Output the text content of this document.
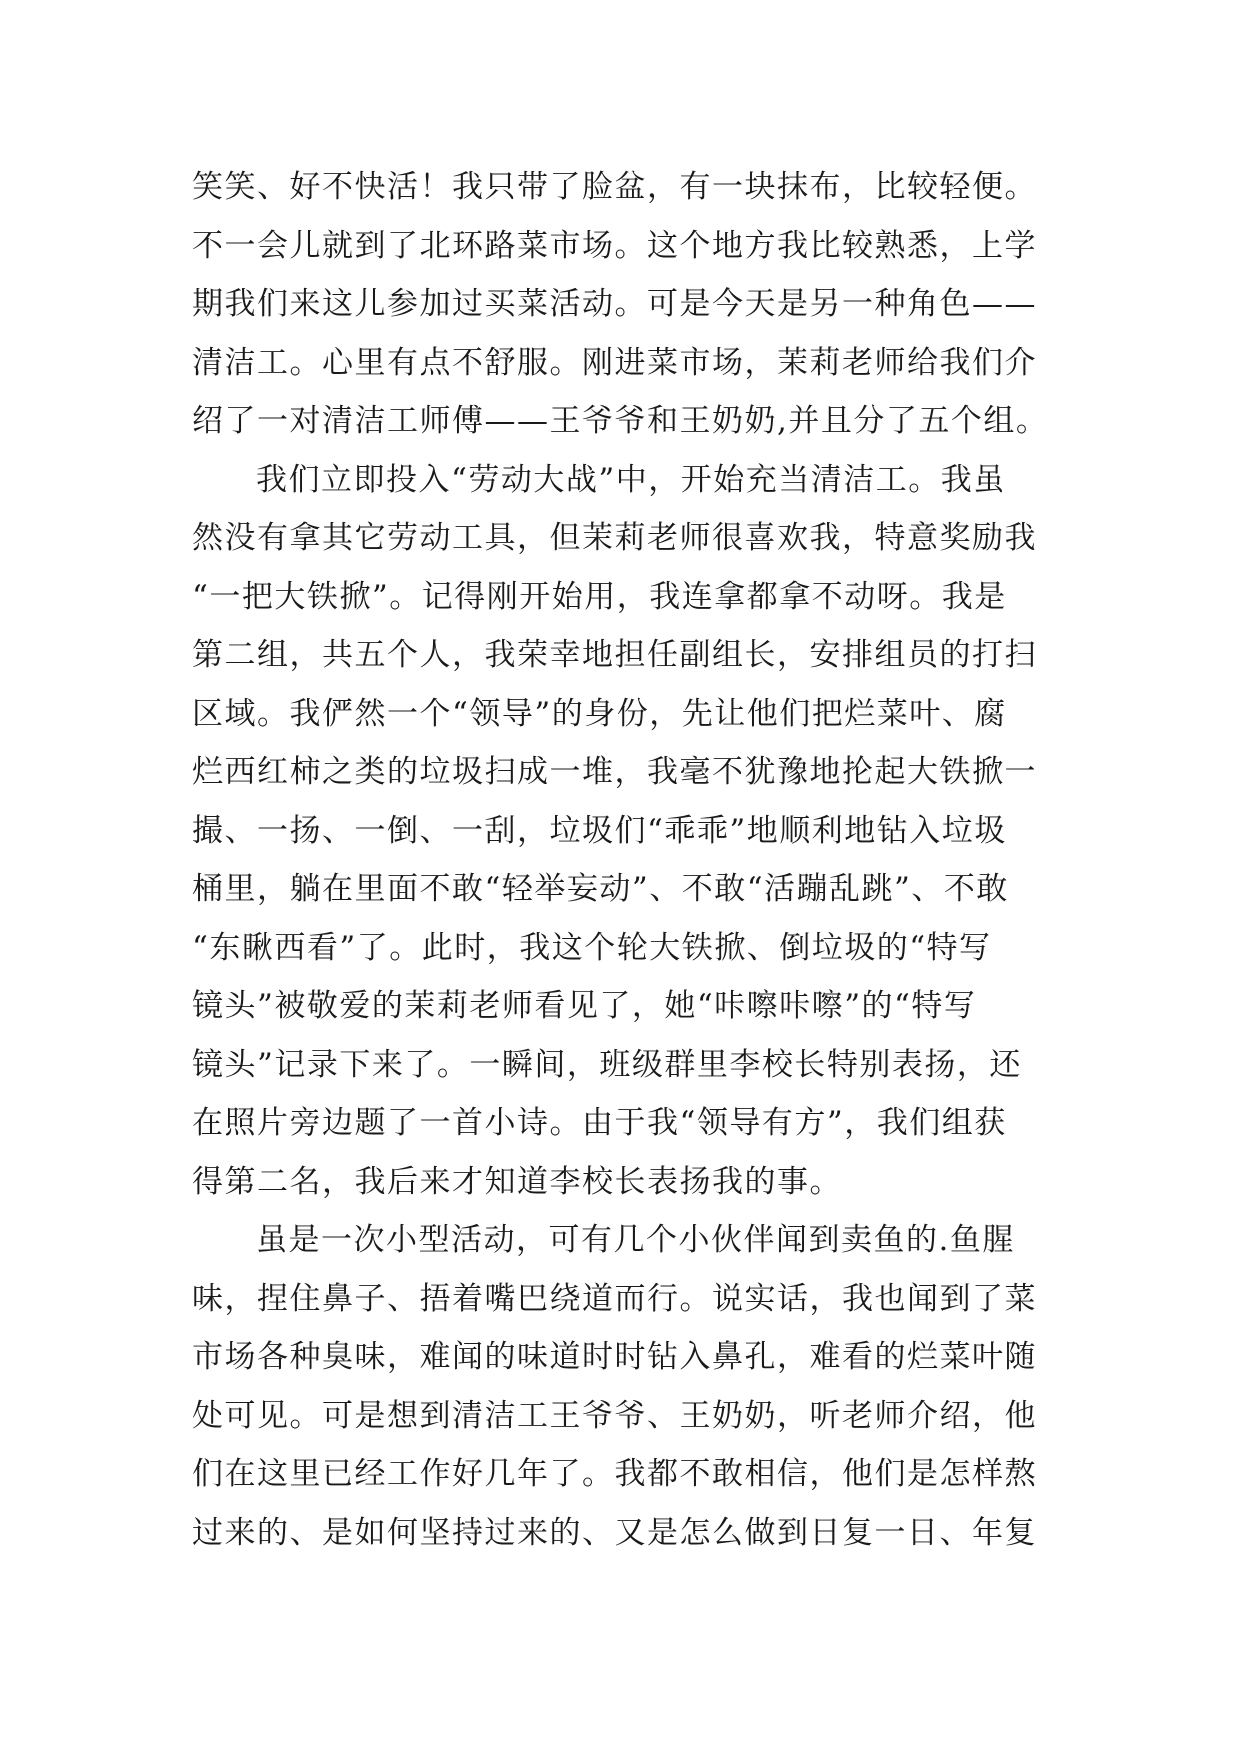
笑笑、好不快活！我只带了脸盆，有一块抹布，比较轻便。
不一会儿就到了北环路菜市场。这个地方我比较熟悉，上学
期我们来这儿参加过买菜活动。可是今天是另一种角色——
清洁工。心里有点不舒服。刚进菜市场，茉莉老师给我们介
绍了一对清洁工师傅——王爷爷和王奶奶,并且分了五个组。
我们立即投入“劳动大战”中，开始充当清洁工。我虽
然没有拿其它劳动工具，但茉莉老师很喜欢我，特意奖励我
“一把大铁掀”。记得刚开始用，我连拿都拿不动呀。我是
第二组，共五个人，我荣幸地担任副组长，安排组员的打扫
区域。我俨然一个“领导”的身份，先让他们把烂菜叶、腐
烂西红柿之类的垃圾扫成一堆，我毫不犹豫地抡起大铁掀一
撮、一扬、一倒、一刮，垃圾们“乖乖”地顺利地钻入垃圾
桶里，躺在里面不敢“轻举妄动”、不敢“活蹦乱跳”、不敢
“东瞅西看”了。此时，我这个轮大铁掀、倒垃圾的“特写
镜头”被敬爱的茉莉老师看见了，她“咔嚓咔嚓”的“特写
镜头”记录下来了。一瞬间，班级群里李校长特别表扬，还
在照片旁边题了一首小诗。由于我“领导有方”，我们组获
得第二名，我后来才知道李校长表扬我的事。
虽是一次小型活动，可有几个小伙伴闻到卖鱼的.鱼腥
味，捏住鼻子、捂着嘴巴绕道而行。说实话，我也闻到了菜
市场各种臭味，难闻的味道时时钻入鼻孔，难看的烂菜叶随
处可见。可是想到清洁工王爷爷、王奶奶，听老师介绍，他
们在这里已经工作好几年了。我都不敢相信，他们是怎样熬
过来的、是如何坚持过来的、又是怎么做到日复一日、年复
